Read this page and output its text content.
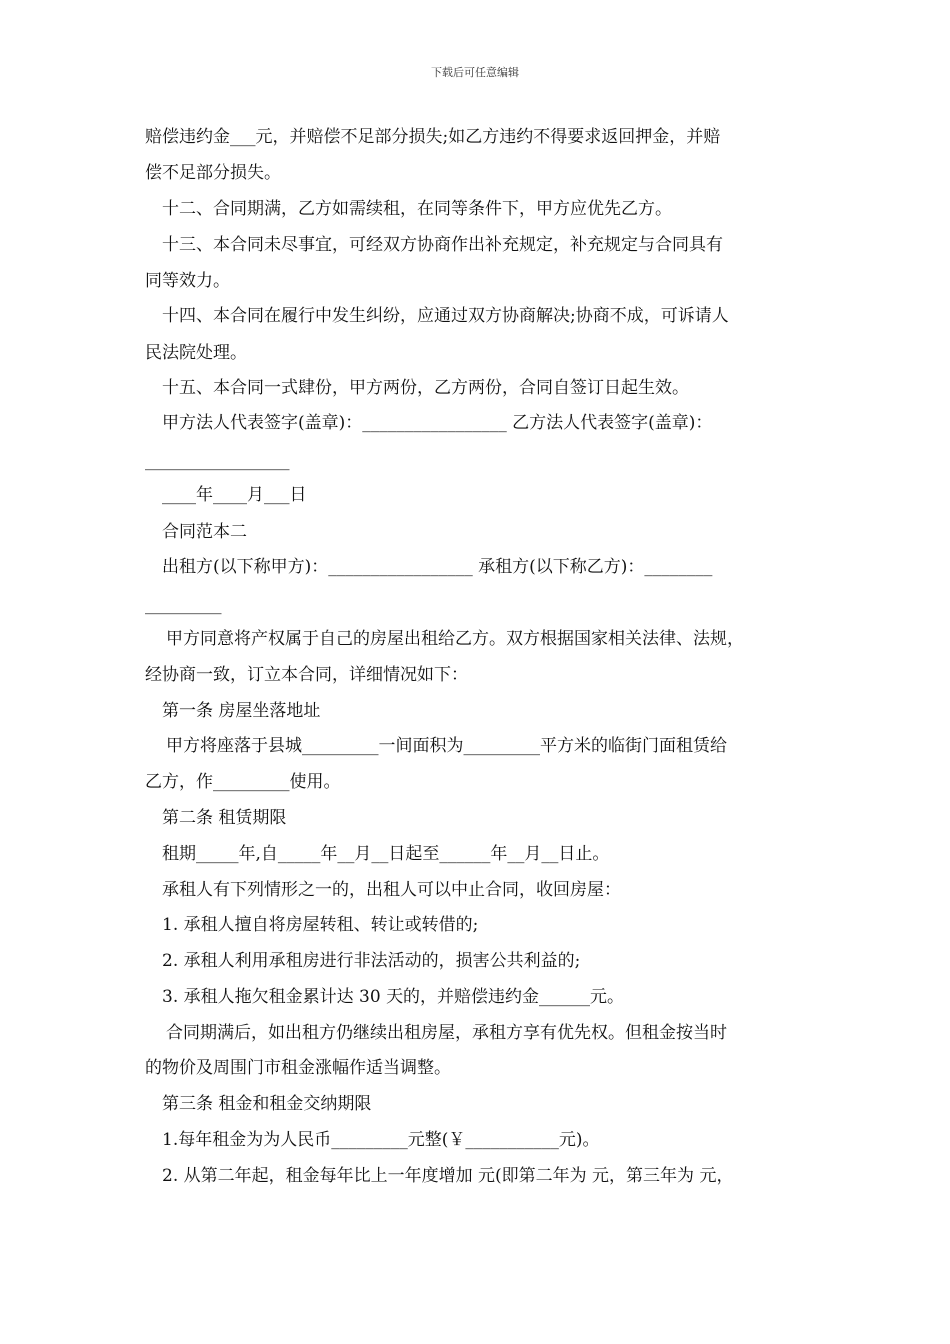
下载后可任意编辑
赔偿违约金___元，并赔偿不足部分损失;如乙方违约不得要求返回押金，并赔
偿不足部分损失。
十二、合同期满，乙方如需续租，在同等条件下，甲方应优先乙方。
十三、本合同未尽事宜，可经双方协商作出补充规定，补充规定与合同具有
同等效力。
十四、本合同在履行中发生纠纷，应通过双方协商解决;协商不成，可诉请人
民法院处理。
十五、本合同一式肆份，甲方两份，乙方两份，合同自签订日起生效。
甲方法人代表签字(盖章)：_________________ 乙方法人代表签字(盖章)：
_________________
____年____月___日
合同范本二
出租方(以下称甲方)：_________________ 承租方(以下称乙方)：________
_________
甲方同意将产权属于自己的房屋出租给乙方。双方根据国家相关法律、法规，
经协商一致，订立本合同，详细情况如下：
第一条 房屋坐落地址
甲方将座落于县城_________一间面积为_________平方米的临街门面租赁给
乙方，作_________使用。
第二条 租赁期限
租期_____年,自_____年__月__日起至______年__月__日止。
承租人有下列情形之一的，出租人可以中止合同，收回房屋：
1. 承租人擅自将房屋转租、转让或转借的;
2. 承租人利用承租房进行非法活动的，损害公共利益的;
3. 承租人拖欠租金累计达 30 天的，并赔偿违约金______元。
合同期满后，如出租方仍继续出租房屋，承租方享有优先权。但租金按当时
的物价及周围门市租金涨幅作适当调整。
第三条 租金和租金交纳期限
1.每年租金为为人民币_________元整(￥___________元)。
2. 从第二年起，租金每年比上一年度增加 元(即第二年为 元，第三年为 元，
